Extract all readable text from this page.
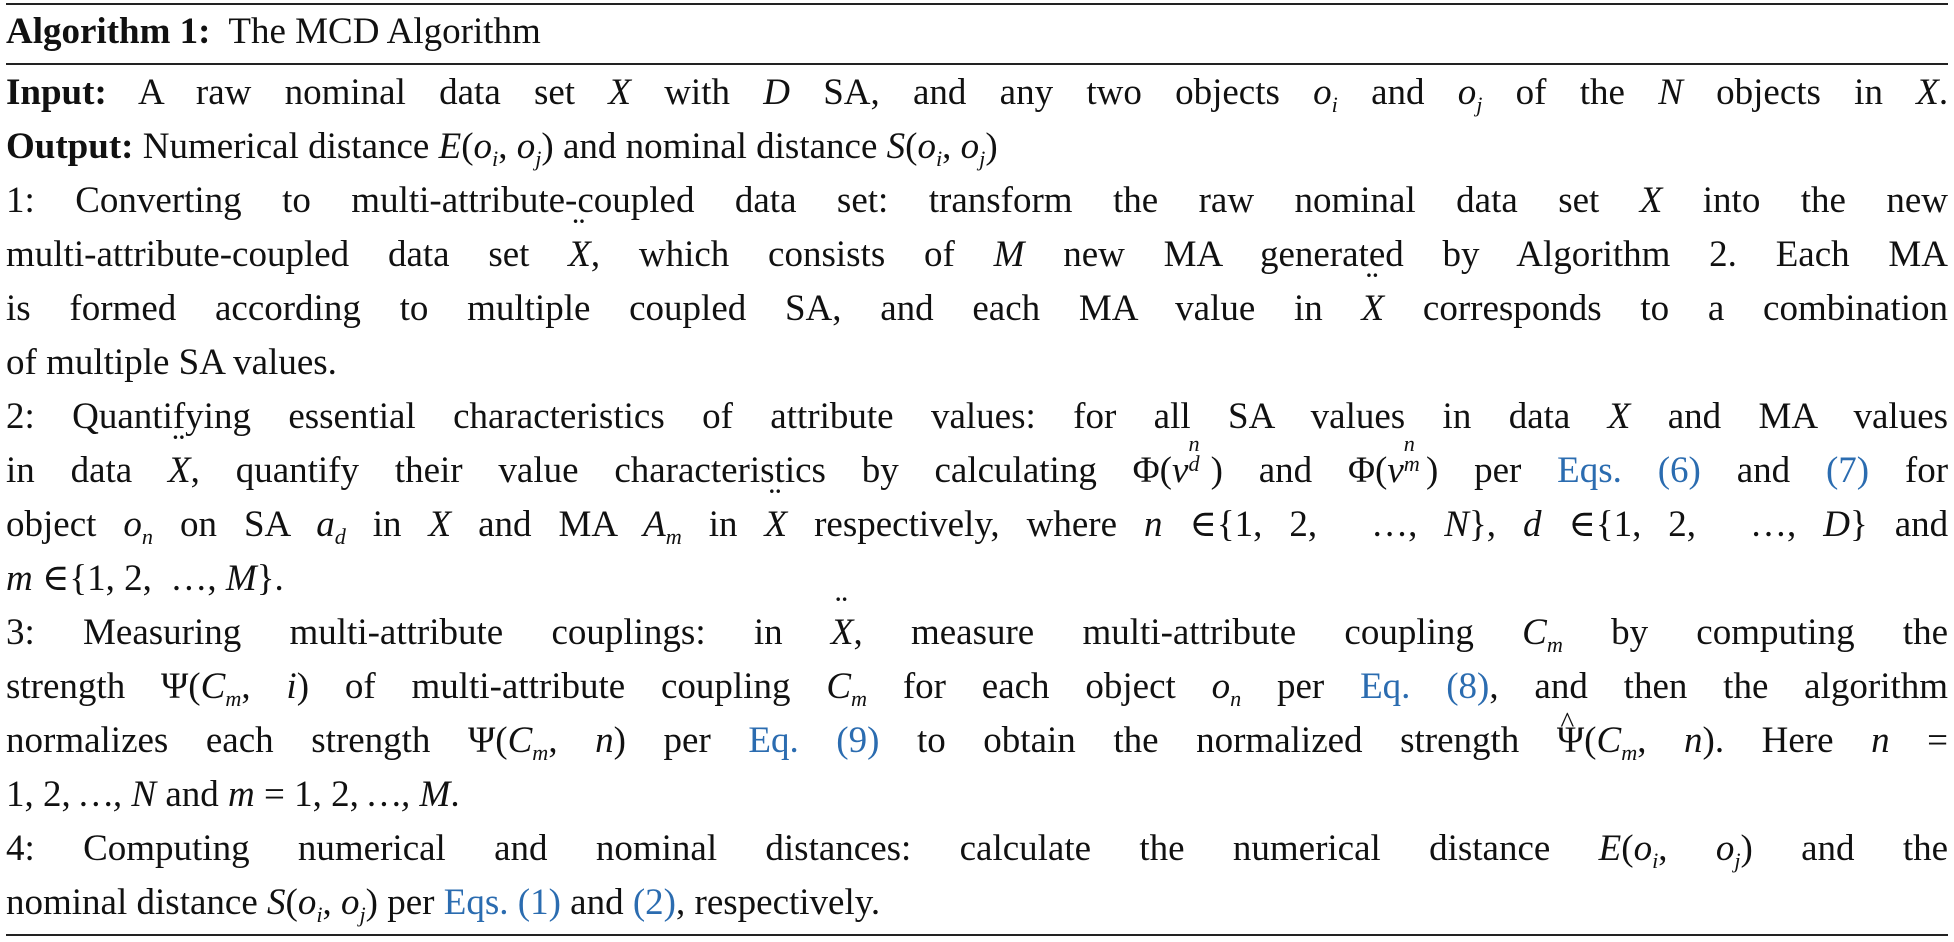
Algorithm 1: The MCD Algorithm
Input: A raw nominal data set X with D SA, and any two objects $o_i$ and $o_j$ of the N objects in X.
Output: Numerical distance $E(o_i$, $o_j$) and nominal distance $S(o_i$, $o_j$)
1: Converting to multi-attribute-coupled data set: transform the raw nominal data set X into the new
multi-attribute-coupled data set ¨ X, which consists of M new MA generated by Algorithm 2. Each MA
is formed according to multiple coupled SA, and each MA value in ¨ X corresponds to a combination
of multiple SA values.
2: Quantifying essential characteristics of attribute values: for all SA values in data X and MA values
in data ¨ X, quantify their value characteristics by calculating Φ(v
n
d ) and Φ(v
n
m ) per Eqs. (6) and (7) for
object $o_n$ on SA $a_d$ in X and MA $A_m$ in ¨ X respectively, where n ∈{1, 2,  …, N}, d ∈{1, 2,  …, D} and
m ∈{1, 2,  …, M}.
3: Measuring multi-attribute couplings: in ¨ X, measure multi-attribute coupling $C_m$ by computing the
strength $\Psi(C_m$, i) of multi-attribute coupling $C_m$ for each object $o_n$ per Eq. (8), and then the algorithm
normalizes each strength $\Psi(C_m$, n) per Eq. (9) to obtain the normalized strength ^ $\Psi(C_m$, n). Here n =
1, 2, …, N and m = 1, 2, …, M.
4: Computing numerical and nominal distances: calculate the numerical distance $E(o_i$, $o_j$) and the
nominal distance $S(o_i$, $o_j$) per Eqs. (1) and (2), respectively.
